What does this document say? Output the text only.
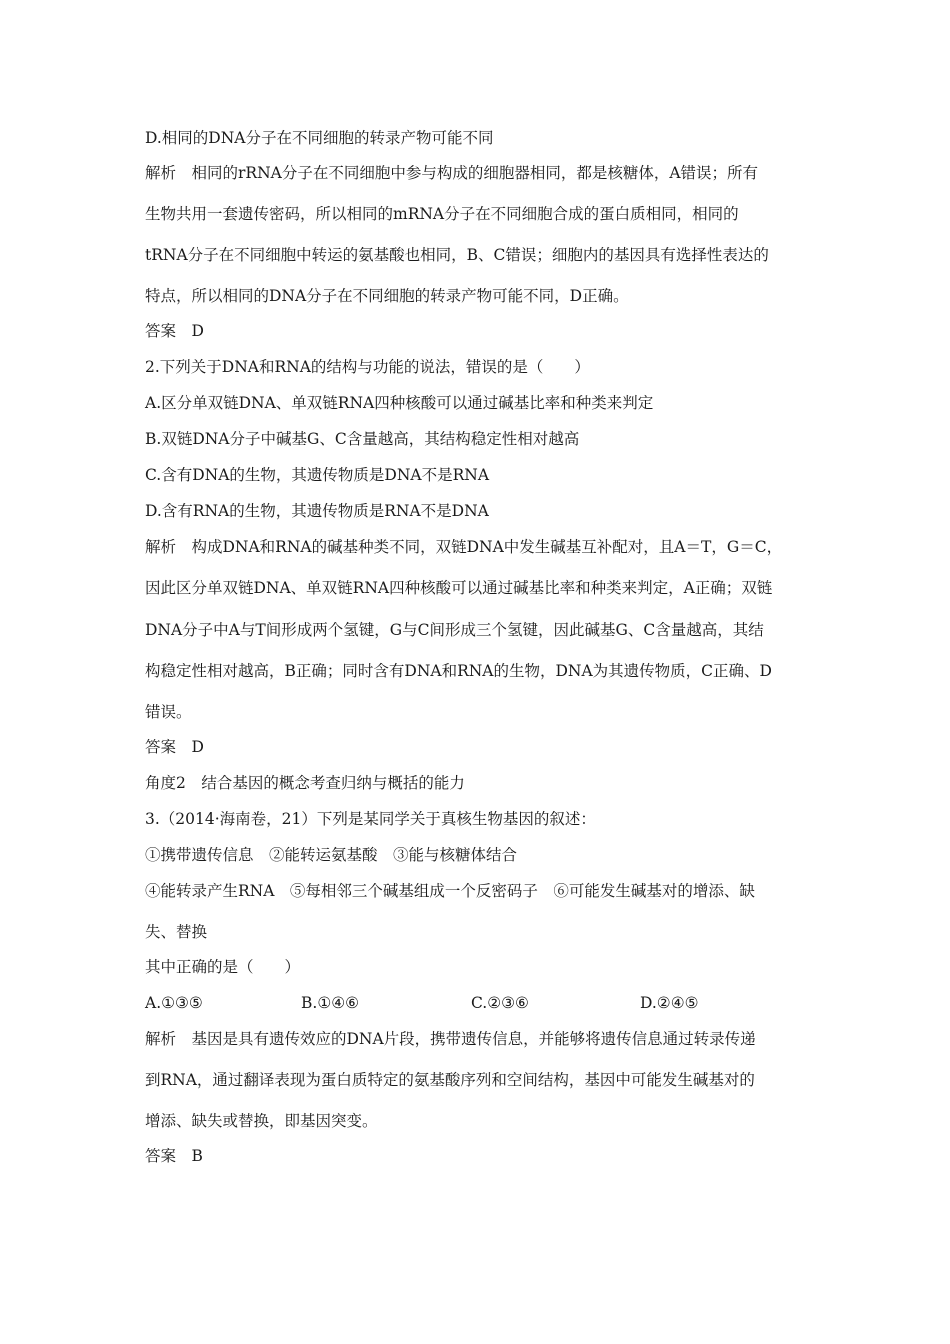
D.相同的DNA分子在不同细胞的转录产物可能不同
解析　相同的rRNA分子在不同细胞中参与构成的细胞器相同，都是核糖体，A错误；所有
生物共用一套遗传密码，所以相同的mRNA分子在不同细胞合成的蛋白质相同，相同的
tRNA分子在不同细胞中转运的氨基酸也相同，B、C错误；细胞内的基因具有选择性表达的
特点，所以相同的DNA分子在不同细胞的转录产物可能不同，D正确。
答案　D
2.下列关于DNA和RNA的结构与功能的说法，错误的是（　　）
A.区分单双链DNA、单双链RNA四种核酸可以通过碱基比率和种类来判定
B.双链DNA分子中碱基G、C含量越高，其结构稳定性相对越高
C.含有DNA的生物，其遗传物质是DNA不是RNA
D.含有RNA的生物，其遗传物质是RNA不是DNA
解析　构成DNA和RNA的碱基种类不同，双链DNA中发生碱基互补配对，且A＝T，G＝C，
因此区分单双链DNA、单双链RNA四种核酸可以通过碱基比率和种类来判定，A正确；双链
DNA分子中A与T间形成两个氢键，G与C间形成三个氢键，因此碱基G、C含量越高，其结
构稳定性相对越高，B正确；同时含有DNA和RNA的生物，DNA为其遗传物质，C正确、D
错误。
答案　D
角度2　结合基因的概念考查归纳与概括的能力
3.（2014·海南卷，21）下列是某同学关于真核生物基因的叙述：
①携带遗传信息　②能转运氨基酸　③能与核糖体结合
④能转录产生RNA　⑤每相邻三个碱基组成一个反密码子　⑥可能发生碱基对的增添、缺
失、替换
其中正确的是（　　）
A.①③⑤	B.①④⑥	C.②③⑥	D.②④⑤
解析　基因是具有遗传效应的DNA片段，携带遗传信息，并能够将遗传信息通过转录传递
到RNA，通过翻译表现为蛋白质特定的氨基酸序列和空间结构，基因中可能发生碱基对的
增添、缺失或替换，即基因突变。
答案　B
